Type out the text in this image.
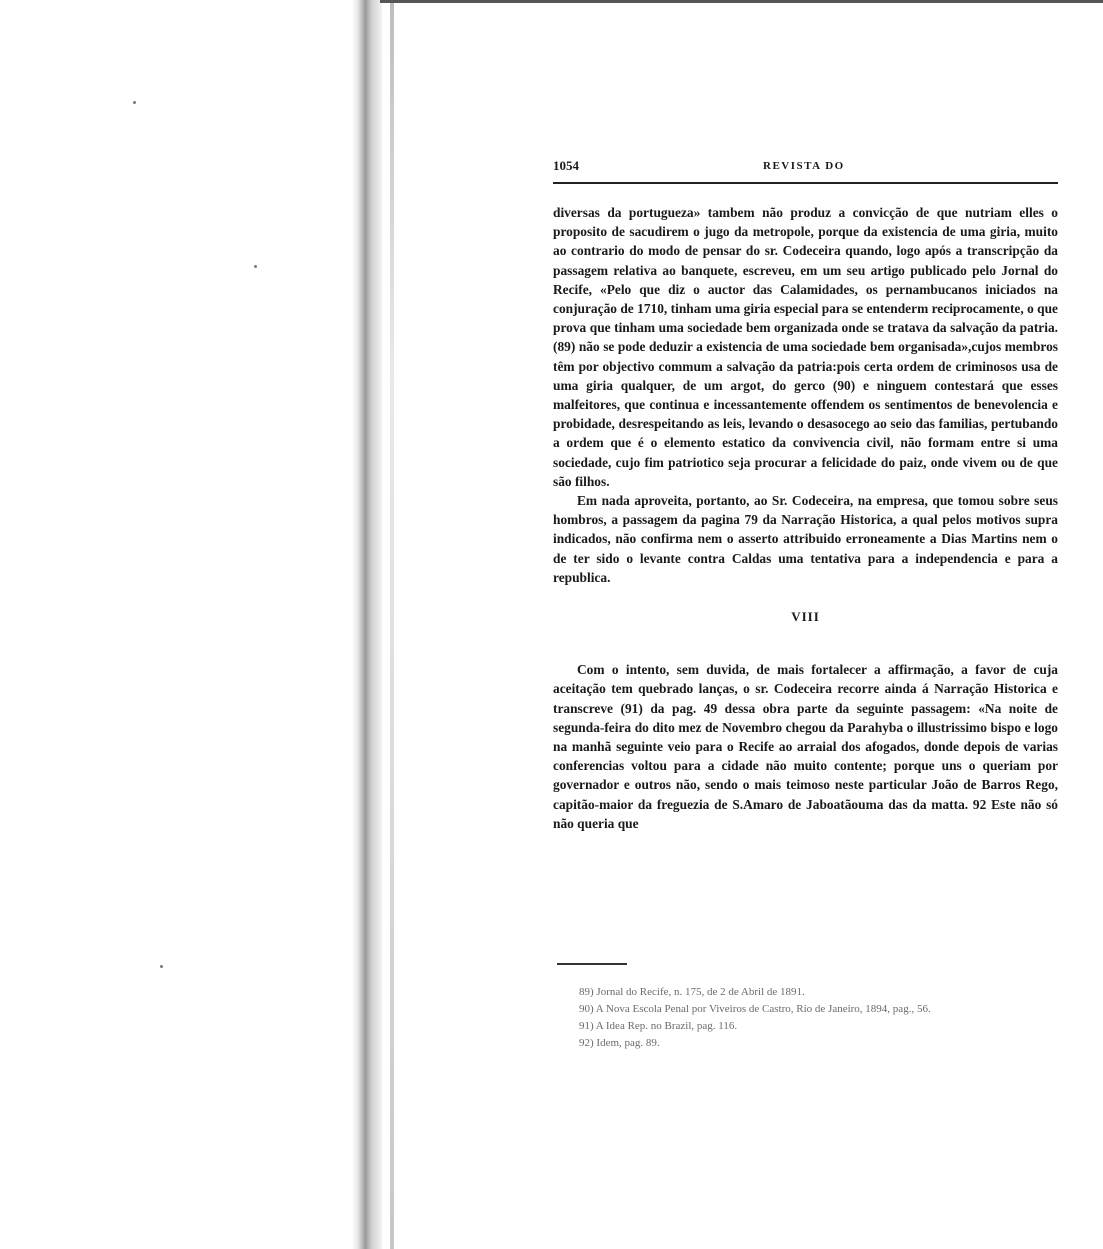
1054	REVISTA DO

diversas da portugueza» tambem não produz a convicção de que nutriam elles o proposito de sacudirem o jugo da metropole, porque da existencia de uma giria, muito ao contrario do modo de pensar do sr. Codeceira quando, logo após a transcripção da passagem relativa ao banquete, escreveu, em um seu artigo publicado pelo Jornal do Recife, «Pelo que diz o auctor das Calamidades, os pernambucanos iniciados na conjuração de 1710, tinham uma giria especial para se entenderm reciprocamente, o que prova que tinham uma sociedade bem organizada onde se tratava da salvação da patria. (89) não se pode deduzir a existencia de uma sociedade bem organisada»,cujos membros têm por objectivo commum a salvação da patria:pois certa ordem de criminosos usa de uma giria qualquer, de um argot, do gerco (90) e ninguem contestará que esses malfeitores, que continua e incessantemente offendem os sentimentos de benevolencia e probidade, desrespeitando as leis, levando o desasocego ao seio das familias, pertubando a ordem que é o elemento estatico da convivencia civil, não formam entre si uma sociedade, cujo fim patriotico seja procurar a felicidade do paiz, onde vivem ou de que são filhos.

Em nada aproveita, portanto, ao Sr. Codeceira, na empresa, que tomou sobre seus hombros, a passagem da pagina 79 da Narração Historica, a qual pelos motivos supra indicados, não confirma nem o asserto attribuido erroneamente a Dias Martins nem o de ter sido o levante contra Caldas uma tentativa para a independencia e para a republica.

VIII

Com o intento, sem duvida, de mais fortalecer a affirmação, a favor de cuja aceitação tem quebrado lanças, o sr. Codeceira recorre ainda á Narração Historica e transcreve (91) da pag. 49 dessa obra parte da seguinte passagem: «Na noite de segunda-feira do dito mez de Novembro chegou da Parahyba o illustrissimo bispo e logo na manhã seguinte veio para o Recife ao arraial dos afogados, donde depois de varias conferencias voltou para a cidade não muito contente; porque uns o queriam por governador e outros não, sendo o mais teimoso neste particular João de Barros Rego, capitão-maior da freguezia de S.Amaro de Jaboatãouma das da matta. 92 Este não só não queria que

89) Jornal do Recife, n. 175, de 2 de Abril de 1891.

90) A Nova Escola Penal por Viveiros de Castro, Rio de Janeiro, 1894, pag., 56.

91) A Idea Rep. no Brazil, pag. 116.

92) Idem, pag. 89.
